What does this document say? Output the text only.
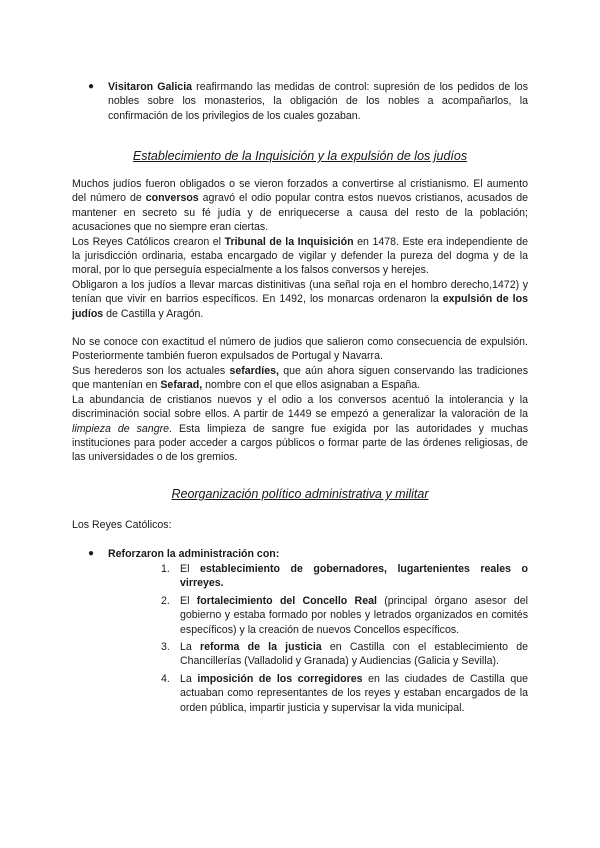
● Visitaron Galicia reafirmando las medidas de control: supresión de los pedidos de los nobles sobre los monasterios, la obligación de los nobles a acompañarlos, la confirmación de los privilegios de los cuales gozaban.

Establecimiento de la Inquisición y la expulsión de los judíos

Muchos judíos fueron obligados o se vieron forzados a convertirse al cristianismo. El aumento del número de conversos agravó el odio popular contra estos nuevos cristianos, acusados de mantener en secreto su fé judía y de enriquecerse a causa del resto de la población; acusaciones que no siempre eran ciertas.

Los Reyes Católicos crearon el Tribunal de la Inquisición en 1478. Este era independiente de la jurisdicción ordinaria, estaba encargado de vigilar y defender la pureza del dogma y de la moral, por lo que perseguía especialmente a los falsos conversos y herejes.

Obligaron a los judíos a llevar marcas distinitivas (una señal roja en el hombro derecho,1472) y tenían que vivir en barrios específicos. En 1492, los monarcas ordenaron la expulsión de los judíos de Castilla y Aragón.

No se conoce con exactitud el número de judios que salieron como consecuencia de expulsión. Posteriormente también fueron expulsados de Portugal y Navarra.

Sus herederos son los actuales sefardíes, que aún ahora siguen conservando las tradiciones que mantenían en Sefarad, nombre con el que ellos asignaban a España.

La abundancia de cristianos nuevos y el odio a los conversos acentuó la intolerancia y la discriminación social sobre ellos. A partir de 1449 se empezó a generalizar la valoración de la limpieza de sangre. Esta limpieza de sangre fue exigida por las autoridades y muchas instituciones para poder acceder a cargos públicos o formar parte de las órdenes religiosas, de las universidades o de los gremios.

Reorganización político administrativa y militar

Los Reyes Católicos:

● Reforzaron la administración con:

1. El establecimiento de gobernadores, lugartenientes reales o virreyes.
2. El fortalecimiento del Concello Real (principal órgano asesor del gobierno y estaba formado por nobles y letrados organizados en comités específicos) y la creación de nuevos Concellos específicos.
3. La reforma de la justicia en Castilla con el establecimiento de Chancillerías (Valladolid y Granada) y Audiencias (Galicia y Sevilla).
4. La imposición de los corregidores en las ciudades de Castilla que actuaban como representantes de los reyes y estaban encargados de la orden pública, impartir justicia y supervisar la vida municipal.
